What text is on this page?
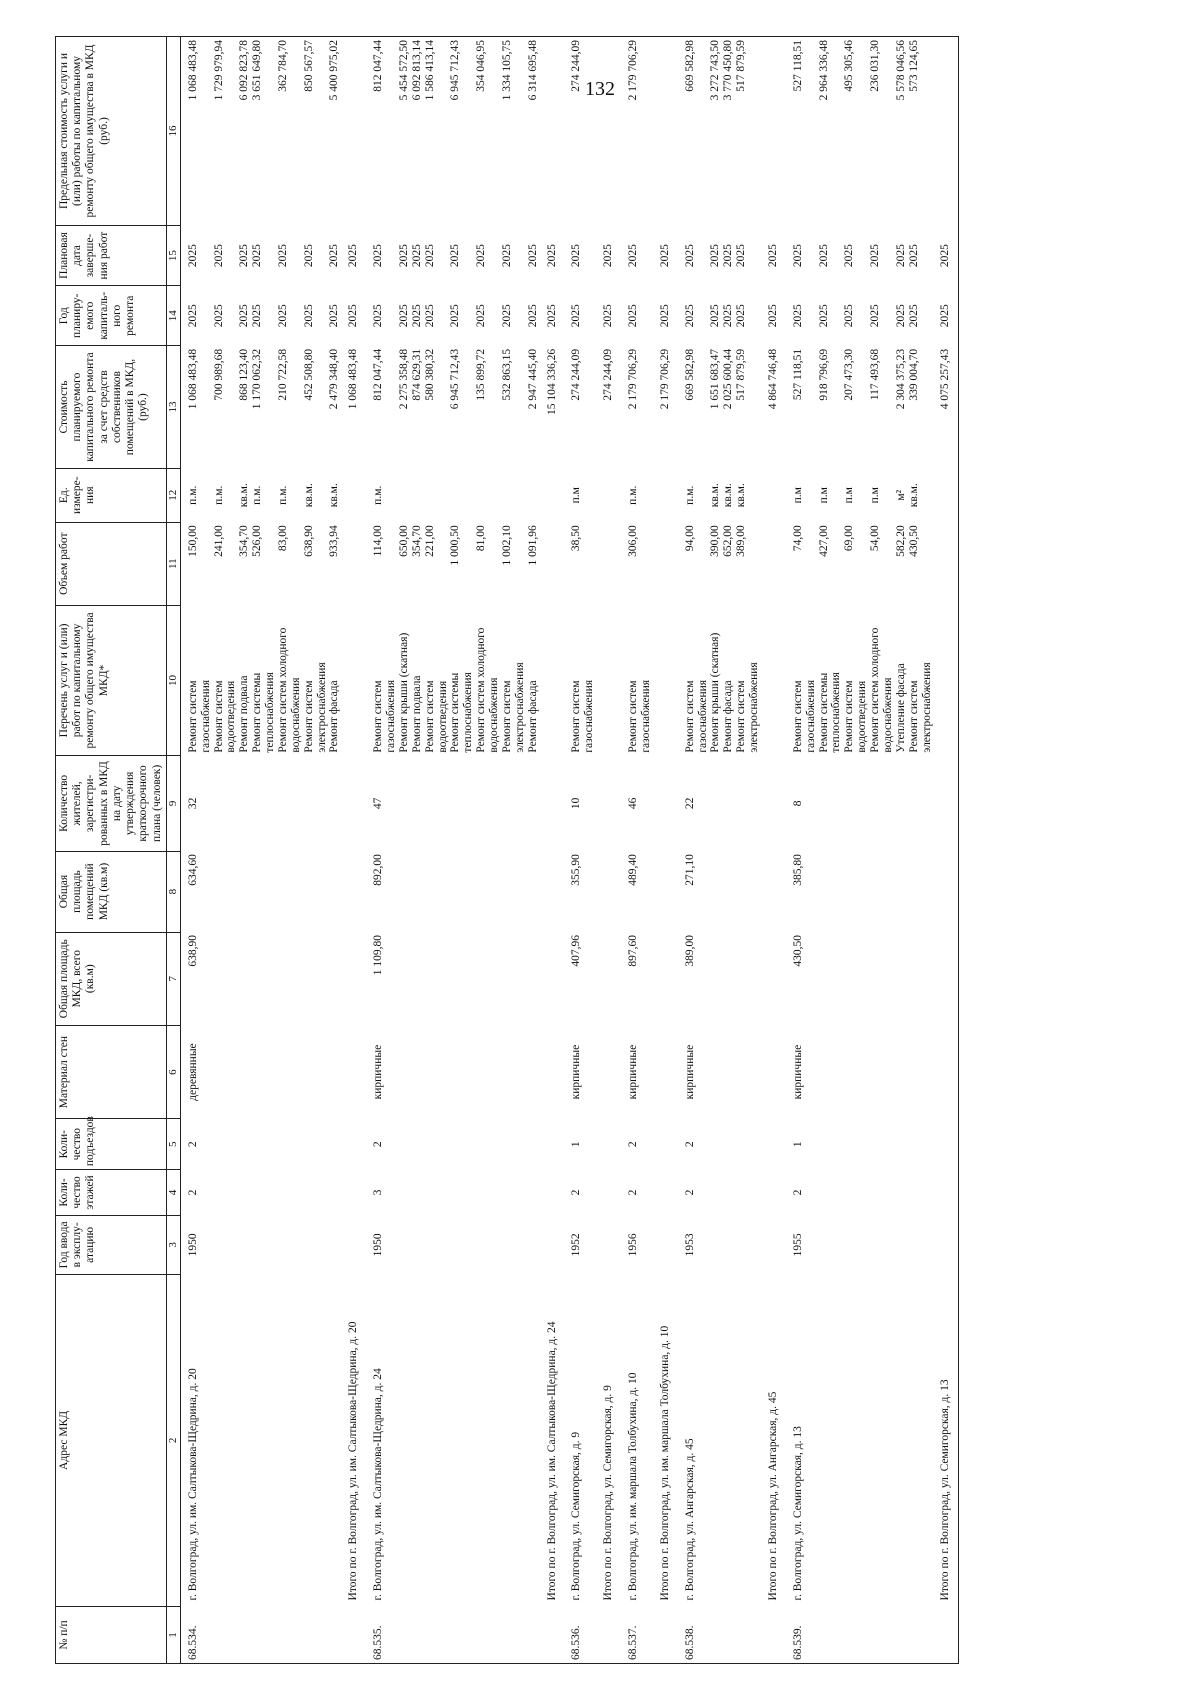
132
№ п/п	Адрес МКД	Год ввода в эксплу-атацию	Коли-чество этажей	Коли-чество подъездов	Материал стен	Общая площадь МКД, всего (кв.м)	Общая площадь помещений МКД (кв.м)	Количество жителей, зарегистри-рованных в МКД на дату утверждения краткосрочного плана (человек)	Перечень услуг и (или) работ по капитальному ремонту общего имущества МКД*	Объем работ	Ед. измере-ния	Стоимость планируемого капитального ремонта за счет средств собственников помещений в МКД, (руб.)	Год планиру-емого капиталь-ного ремонта	Плановая дата заверше-ния работ	Предельная стоимость услуги и (или) работы по капитальному ремонту общего имущества в МКД (руб.)
1	2	3	4	5	6	7	8	9	10	11	12	13	14	15	16
68.534.	г. Волгоград, ул. им. Салтыкова-Щедрина, д. 20	1950	2	2	деревянные	638,90	634,60	32	Ремонт систем газоснабжения	150,00	п.м.	1 068 483,48	2025	2025	1 068 483,48
									Ремонт систем водоотведения	241,00	п.м.	700 989,68	2025	2025	1 729 979,94
									Ремонт подвала	354,70	кв.м.	868 123,40	2025	2025	6 092 823,78
									Ремонт системы теплоснабжения	526,00	п.м.	1 170 062,32	2025	2025	3 651 649,80
									Ремонт систем холодного водоснабжения	83,00	п.м.	210 722,58	2025	2025	362 784,70
									Ремонт систем электроснабжения	638,90	кв.м.	452 508,80	2025	2025	850 567,57
									Ремонт фасада	933,94	кв.м.	2 479 348,40	2025	2025	5 400 975,02
	Итого по г. Волгоград, ул. им. Салтыкова-Щедрина, д. 20											1 068 483,48	2025	2025	
68.535.	г. Волгоград, ул. им. Салтыкова-Щедрина, д. 24	1950	3	2	кирпичные	1 109,80	892,00	47	Ремонт систем газоснабжения	114,00	п.м.	812 047,44	2025	2025	812 047,44
									Ремонт крыши (скатная)	650,00		2 275 358,48	2025	2025	5 454 572,50
									Ремонт подвала	354,70		874 629,31	2025	2025	6 092 813,14
									Ремонт систем водоотведения	221,00		580 380,32	2025	2025	1 586 413,14
									Ремонт системы теплоснабжения	1 000,50		6 945 712,43	2025	2025	6 945 712,43
									Ремонт систем холодного водоснабжения	81,00		135 899,72	2025	2025	354 046,95
									Ремонт систем электроснабжения	1 002,10		532 863,15	2025	2025	1 334 105,75
									Ремонт фасада	1 091,96		2 947 445,40	2025	2025	6 314 695,48
	Итого по г. Волгоград, ул. им. Салтыкова-Щедрина, д. 24											15 104 336,26	2025	2025	
68.536.	г. Волгоград, ул. Семигорская, д. 9	1952	2	1	кирпичные	407,96	355,90	10	Ремонт систем газоснабжения	38,50	п.м	274 244,09	2025	2025	274 244,09
	Итого по г. Волгоград, ул. Семигорская, д. 9											274 244,09	2025	2025	
68.537.	г. Волгоград, ул. им. маршала Толбухина, д. 10	1956	2	2	кирпичные	897,60	489,40	46	Ремонт систем газоснабжения	306,00	п.м.	2 179 706,29	2025	2025	2 179 706,29
	Итого по г. Волгоград, ул. им. маршала Толбухина, д. 10											2 179 706,29	2025	2025	
68.538.	г. Волгоград, ул. Ангарская, д. 45	1953	2	2	кирпичные	389,00	271,10	22	Ремонт систем газоснабжения	94,00	п.м.	669 582,98	2025	2025	669 582,98
									Ремонт крыши (скатная)	390,00	кв.м.	1 651 683,47	2025	2025	3 272 743,50
									Ремонт фасада	652,00	кв.м.	2 025 600,44	2025	2025	3 770 450,80
									Ремонт систем электроснабжения	389,00	кв.м.	517 879,59	2025	2025	517 879,59
	Итого по г. Волгоград, ул. Ангарская, д. 45											4 864 746,48	2025	2025	
68.539.	г. Волгоград, ул. Семигорская, д. 13	1955	2	1	кирпичные	430,50	385,80	8	Ремонт систем газоснабжения	74,00	п.м	527 118,51	2025	2025	527 118,51
									Ремонт системы теплоснабжения	427,00	п.м	918 796,69	2025	2025	2 964 336,48
									Ремонт систем водоотведения	69,00	п.м	207 473,30	2025	2025	495 305,46
									Ремонт систем холодного водоснабжения	54,00	п.м	117 493,68	2025	2025	236 031,30
									Утепление фасада	582,20	м²	2 304 375,23	2025	2025	5 578 046,56
									Ремонт систем электроснабжения	430,50	кв.м.	339 004,70	2025	2025	573 124,65
	Итого по г. Волгоград, ул. Семигорская, д. 13											4 075 257,43	2025	2025	
